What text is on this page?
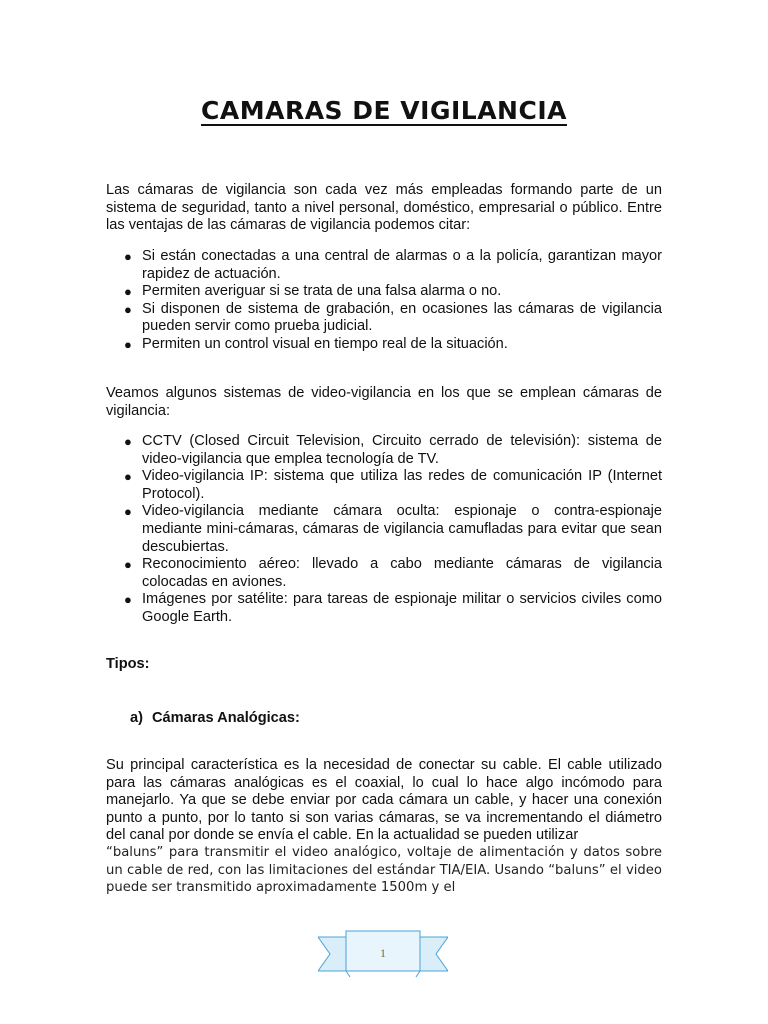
CAMARAS DE VIGILANCIA

Las cámaras de vigilancia son cada vez más empleadas formando parte de un sistema de seguridad, tanto a nivel personal, doméstico, empresarial o público. Entre las ventajas de las cámaras de vigilancia podemos citar:

● Si están conectadas a una central de alarmas o a la policía, garantizan mayor rapidez de actuación.
● Permiten averiguar si se trata de una falsa alarma o no.
● Si disponen de sistema de grabación, en ocasiones las cámaras de vigilancia pueden servir como prueba judicial.
● Permiten un control visual en tiempo real de la situación.

Veamos algunos sistemas de video-vigilancia en los que se emplean cámaras de vigilancia:

● CCTV (Closed Circuit Television, Circuito cerrado de televisión): sistema de video-vigilancia que emplea tecnología de TV.
● Video-vigilancia IP: sistema que utiliza las redes de comunicación IP (Internet Protocol).
● Video-vigilancia mediante cámara oculta: espionaje o contra-espionaje mediante mini-cámaras, cámaras de vigilancia camufladas para evitar que sean descubiertas.
● Reconocimiento aéreo: llevado a cabo mediante cámaras de vigilancia colocadas en aviones.
● Imágenes por satélite: para tareas de espionaje militar o servicios civiles como Google Earth.
Tipos:
a) Cámaras Analógicas:

Su principal característica es la necesidad de conectar su cable. El cable utilizado para las cámaras analógicas es el coaxial, lo cual lo hace algo incómodo para manejarlo. Ya que se debe enviar por cada cámara un cable, y hacer una conexión punto a punto, por lo tanto si son varias cámaras, se va incrementando el diámetro del canal por donde se envía el cable. En la actualidad se pueden utilizar

“baluns” para transmitir el video analógico, voltaje de alimentación y datos sobre un cable de red, con las limitaciones del estándar TIA/EIA. Usando “baluns” el video puede ser transmitido aproximadamente 1500m y el

1
